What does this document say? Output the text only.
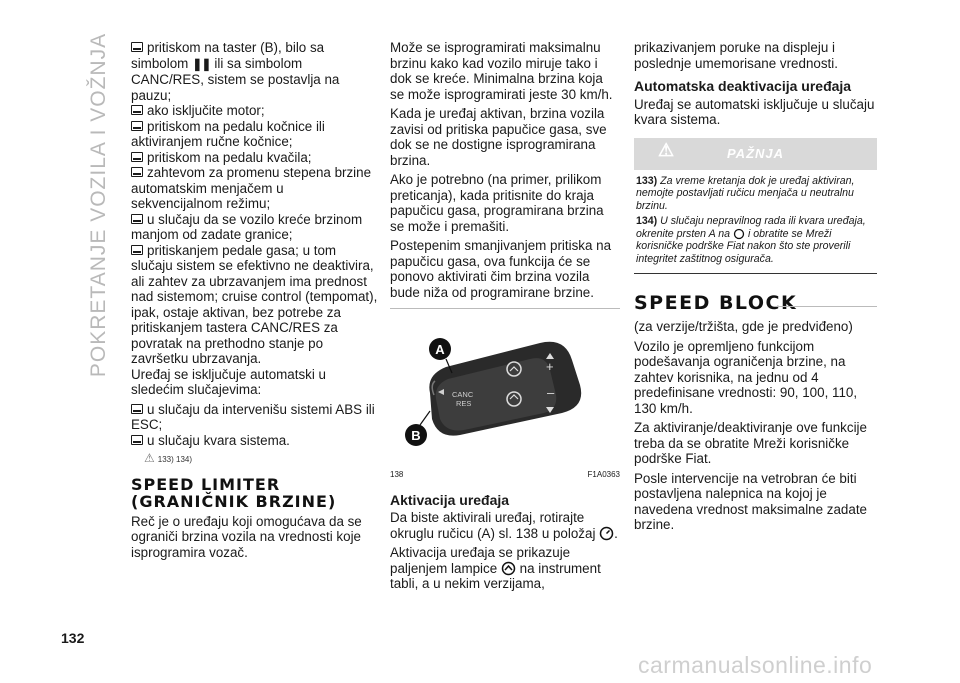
POKRETANJE VOZILA I VOŽNJA	pritiskom na taster (B), bilo sa

simbolom ❚❚ ili sa simbolom

CANC/RES, sistem se postavlja na

pauzu;

ako isključite motor;

pritiskom na pedalu kočnice ili aktiviranjem ručne kočnice;

pritiskom na pedalu kvačila;

zahtevom za promenu stepena brzine automatskim menjačem u sekvencijalnom režimu;

u slučaju da se vozilo kreće brzinom manjom od zadate granice;

pritiskanjem pedale gasa; u tom slučaju sistem se efektivno ne deaktivira, ali zahtev za ubrzavanjem ima prednost nad sistemom; cruise control (tempomat), ipak, ostaje aktivan, bez potrebe za pritiskanjem tastera CANC/RES za povratak na prethodno stanje po završetku ubrzavanja.

Uređaj se isključuje automatski u sledećim slučajevima:

u slučaju da intervenišu sistemi ABS ili ESC;

u slučaju kvara sistema.

⚠ 133) 134)
SPEED LIMITER (GRANIČNIK BRZINE)

Reč je o uređaju koji omogućava da se ograniči brzina vozila na vrednosti koje isprogramira vozač.

Može se isprogramirati maksimalnu brzinu kako kad vozilo miruje tako i dok se kreće. Minimalna brzina koja se može isprogramirati jeste 30 km/h.

Kada je uređaj aktivan, brzina vozila zavisi od pritiska papučice gasa, sve dok se ne dostigne isprogramirana brzina.

Ako je potrebno (na primer, prilikom preticanja), kada pritisnite do kraja papučicu gasa, programirana brzina se može i premašiti.

Postepenim smanjivanjem pritiska na papučicu gasa, ova funkcija će se ponovo aktivirati čim brzina vozila bude niža od programirane brzine.

CANC
RES
+
–
A
B
138	F1A0363
Aktivacija uređaja

Da biste aktivirali uređaj, rotirajte okruglu ručicu (A) sl. 138 u položaj .

Aktivacija uređaja se prikazuje paljenjem lampice na instrument tabli, a u nekim verzijama,

prikazivanjem poruke na displeju i poslednje umemorisane vrednosti.

Automatska deaktivacija uređaja

Uređaj se automatski isključuje u slučaju kvara sistema.

⚠	PAŽNJA

133) Za vreme kretanja dok je uređaj aktiviran, nemojte postavljati ručicu menjača u neutralnu brzinu.

134) U slučaju nepravilnog rada ili kvara uređaja, okrenite prsten A na i obratite se Mreži korisničke podrške Fiat nakon što ste proverili integritet zaštitnog osigurača.

SPEED BLOCK

(za verzije/tržišta, gde je predviđeno)

Vozilo je opremljeno funkcijom podešavanja ograničenja brzine, na zahtev korisnika, na jednu od 4 predefinisane vrednosti: 90, 100, 110, 130 km/h.

Za aktiviranje/deaktiviranje ove funkcije treba da se obratite Mreži korisničke podrške Fiat.

Posle intervencije na vetrobran će biti postavljena nalepnica na kojoj je navedena vrednost maksimalne zadate brzine.

132
carmanualsonline.info
